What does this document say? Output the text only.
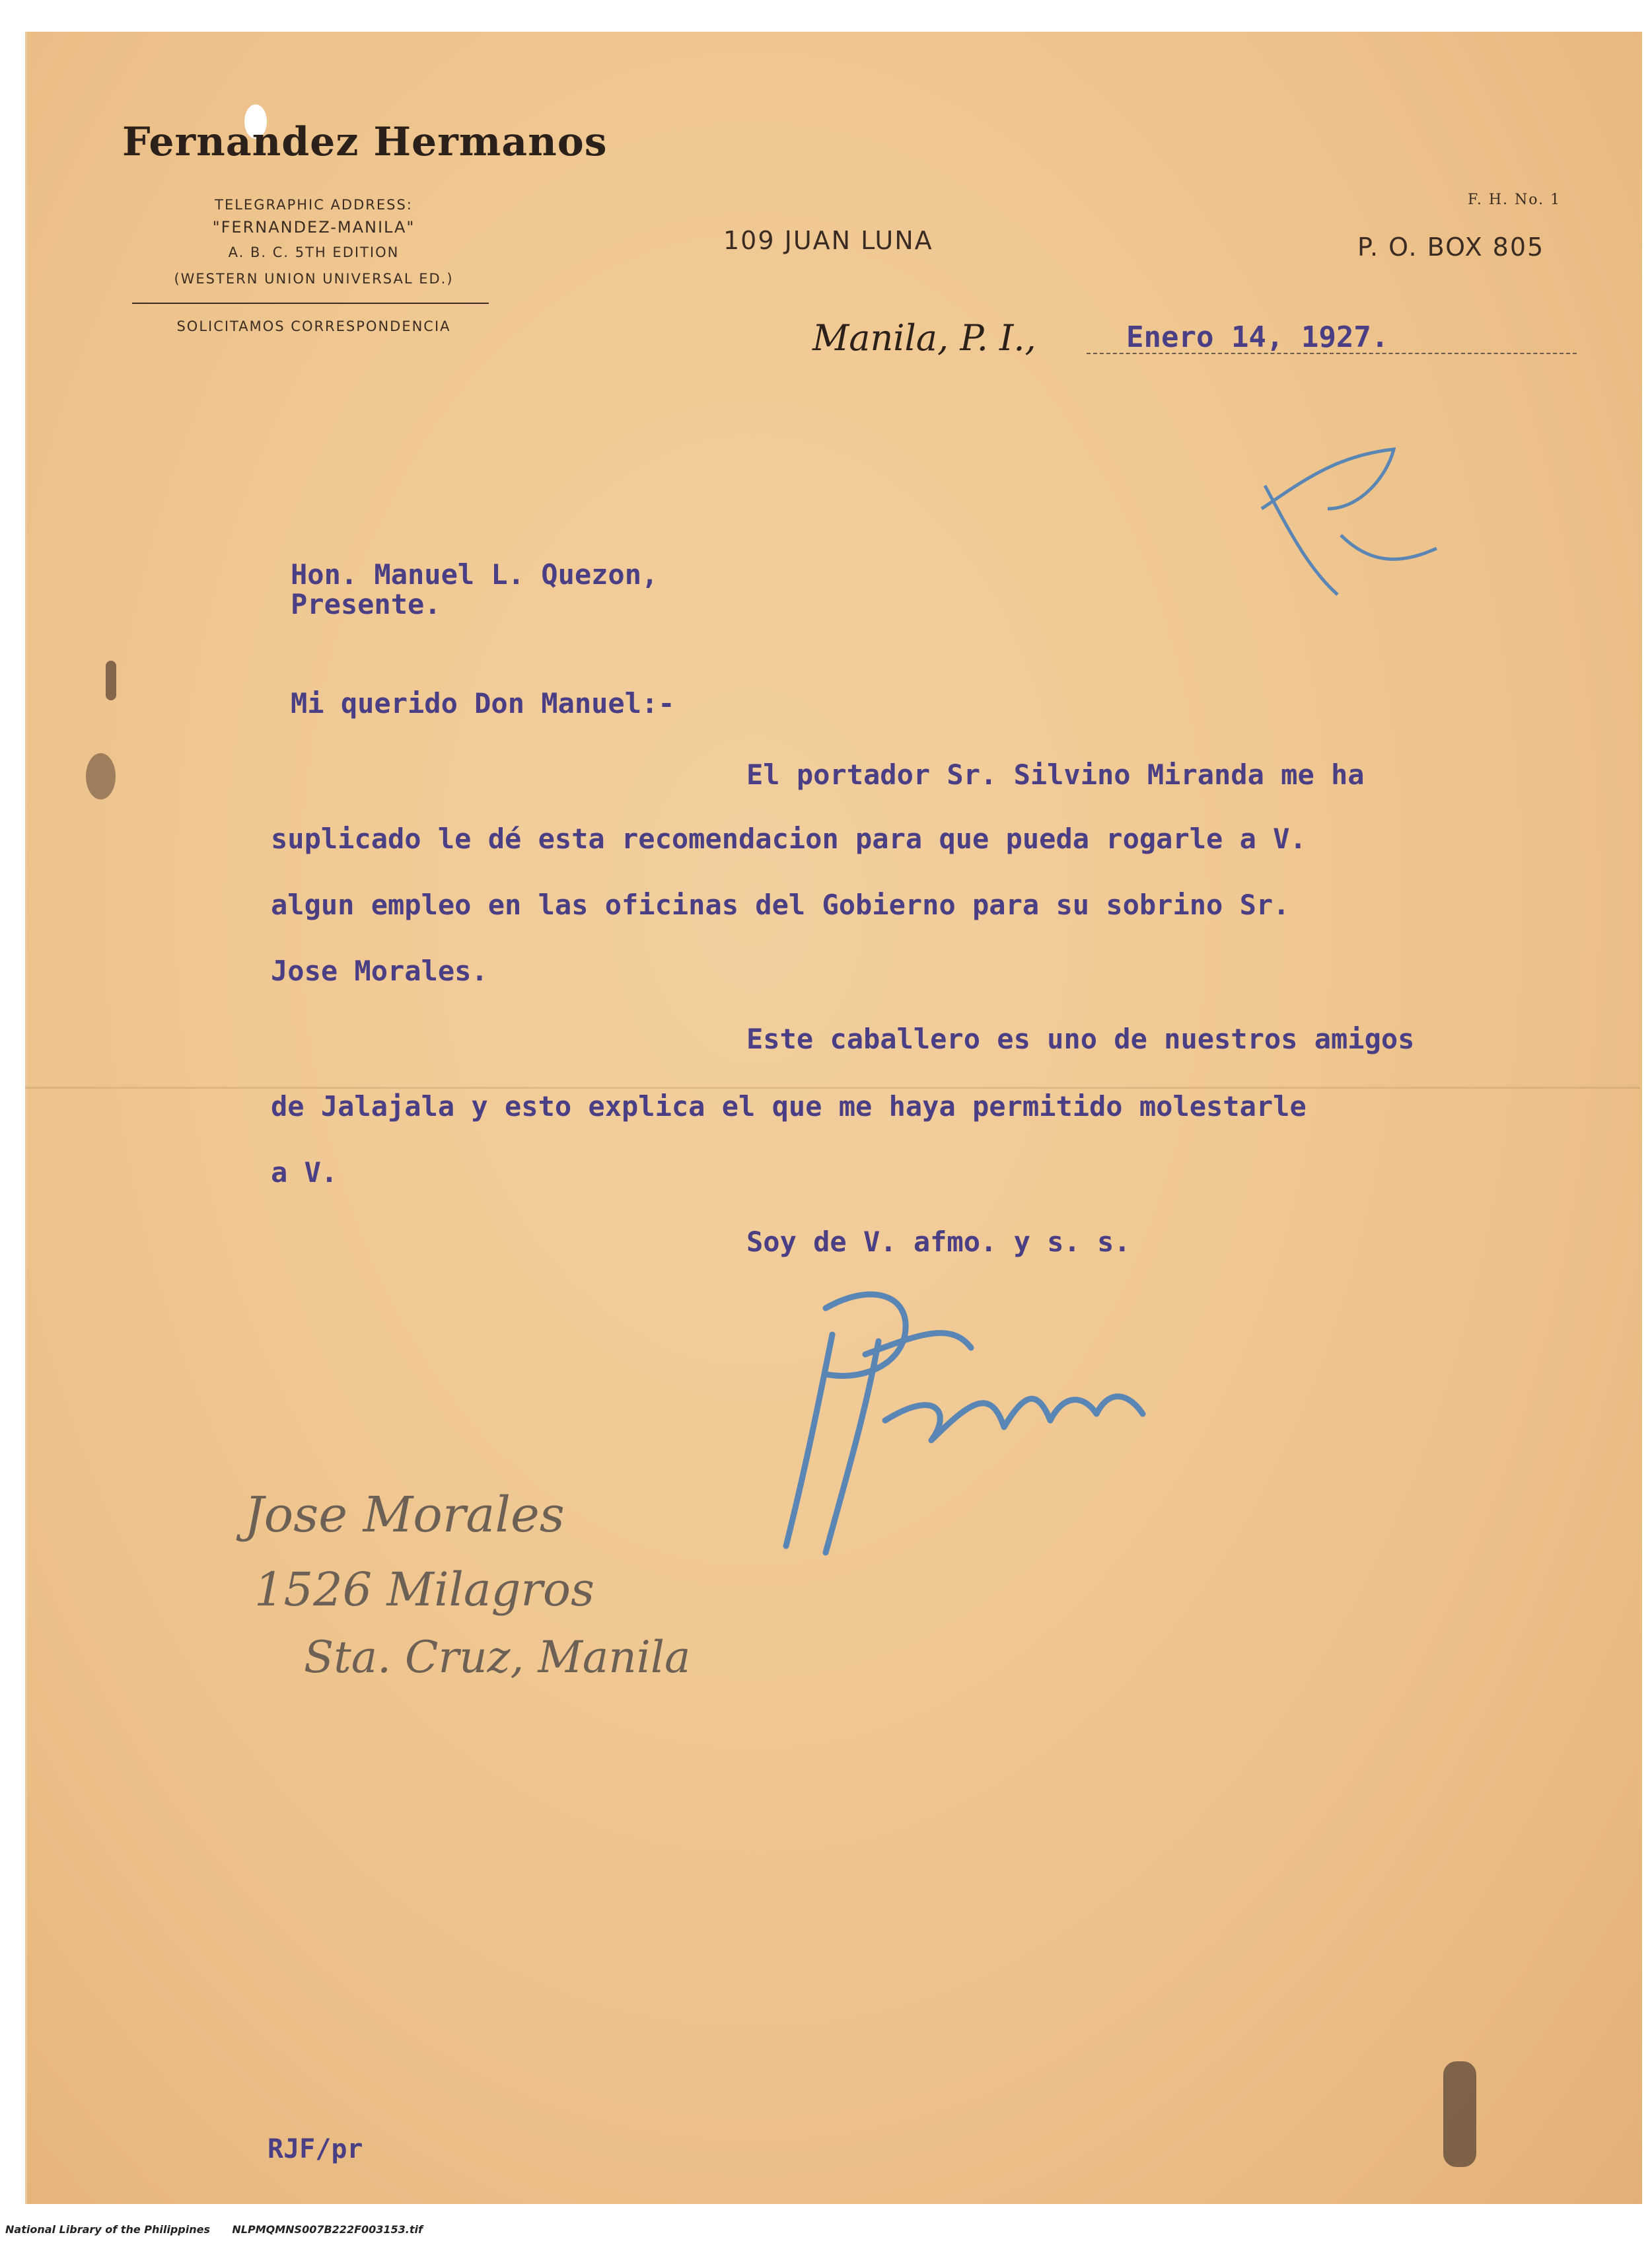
Fernandez Hermanos
TELEGRAPHIC ADDRESS:
"FERNANDEZ-MANILA"
A. B. C. 5TH EDITION
(WESTERN UNION UNIVERSAL ED.)
SOLICITAMOS CORRESPONDENCIA
109 JUAN LUNA
F. H. No. 1
P. O. BOX 805
Manila, P. I.,	Enero 14, 1927.
Hon. Manuel L. Quezon,
Presente.
Mi querido Don Manuel:-
El portador Sr. Silvino Miranda me ha
suplicado le dé esta recomendacion para que pueda rogarle a V.
algun empleo en las oficinas del Gobierno para su sobrino Sr.
Jose Morales.
Este caballero es uno de nuestros amigos
de Jalajala y esto explica el que me haya permitido molestarle
a V.
Soy de V. afmo. y s. s.
Jose Morales
1526 Milagros
Sta. Cruz, Manila
RJF/pr
National Library of the Philippines NLPMQMNS007B222F003153.tif
